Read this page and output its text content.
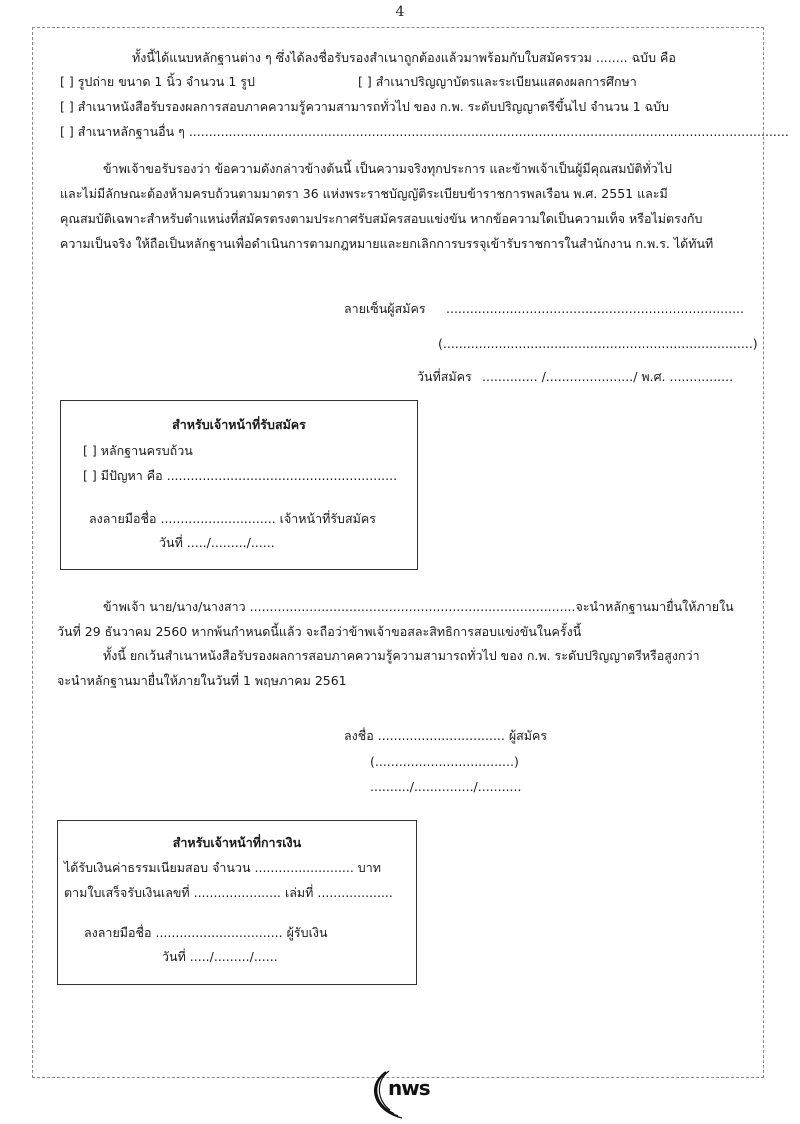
4
ทั้งนี้ได้แนบหลักฐานต่าง ๆ ซึ่งได้ลงชื่อรับรองสำเนาถูกต้องแล้วมาพร้อมกับใบสมัครรวม ........ ฉบับ คือ
[ ] รูปถ่าย ขนาด 1 นิ้ว จำนวน 1 รูป	[ ] สำเนาปริญญาบัตรและระเบียนแสดงผลการศึกษา
[ ] สำเนาหนังสือรับรองผลการสอบภาคความรู้ความสามารถทั่วไป ของ ก.พ. ระดับปริญญาตรีขึ้นไป จำนวน 1 ฉบับ
[ ] สำเนาหลักฐานอื่น ๆ .......................................................................................................................................................
ข้าพเจ้าขอรับรองว่า ข้อความดังกล่าวข้างต้นนี้ เป็นความจริงทุกประการ และข้าพเจ้าเป็นผู้มีคุณสมบัติทั่วไป
และไม่มีลักษณะต้องห้ามครบถ้วนตามมาตรา 36 แห่งพระราชบัญญัติระเบียบข้าราชการพลเรือน พ.ศ. 2551 และมี
คุณสมบัติเฉพาะสำหรับตำแหน่งที่สมัครตรงตามประกาศรับสมัครสอบแข่งขัน หากข้อความใดเป็นความเท็จ หรือไม่ตรงกับ
ความเป็นจริง ให้ถือเป็นหลักฐานเพื่อดำเนินการตามกฎหมายและยกเลิกการบรรจุเข้ารับราชการในสำนักงาน ก.พ.ร. ได้ทันที
ลายเซ็นผู้สมัคร ...........................................................................
(..............................................................................)
วันที่สมัคร .............. /....................../ พ.ศ. ................
สำหรับเจ้าหน้าที่รับสมัคร
[ ] หลักฐานครบถ้วน
[ ] มีปัญหา คือ ..........................................................
ลงลายมือชื่อ ............................. เจ้าหน้าที่รับสมัคร
วันที่ ...../........./......
ข้าพเจ้า นาย/นาง/นางสาว ..................................................................................จะนำหลักฐานมายื่นให้ภายใน
วันที่ 29 ธันวาคม 2560 หากพ้นกำหนดนี้แล้ว จะถือว่าข้าพเจ้าขอสละสิทธิการสอบแข่งขันในครั้งนี้
ทั้งนี้ ยกเว้นสำเนาหนังสือรับรองผลการสอบภาคความรู้ความสามารถทั่วไป ของ ก.พ. ระดับปริญญาตรีหรือสูงกว่า
จะนำหลักฐานมายื่นให้ภายในวันที่ 1 พฤษภาคม 2561
ลงชื่อ ................................ ผู้สมัคร
(...................................)
........../.............../...........
สำหรับเจ้าหน้าที่การเงิน
ได้รับเงินค่าธรรมเนียมสอบ จำนวน ......................... บาท
ตามใบเสร็จรับเงินเลขที่ ...................... เล่มที่ ...................
ลงลายมือชื่อ ................................ ผู้รับเงิน
วันที่ ...../........./......
nws
